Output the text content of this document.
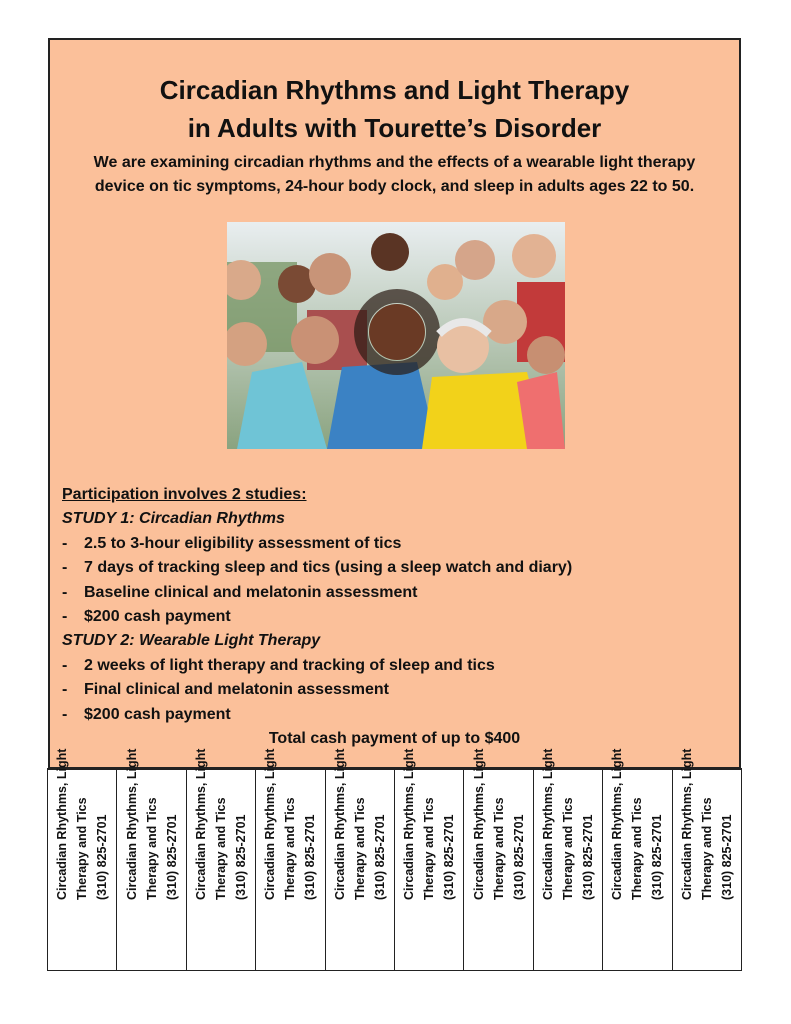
Circadian Rhythms and Light Therapy
in Adults with Tourette’s Disorder
We are examining circadian rhythms and the effects of a wearable light therapy
device on tic symptoms, 24-hour body clock, and sleep in adults ages 22 to 50.
Participation involves 2 studies:
STUDY 1: Circadian Rhythms
- 2.5 to 3-hour eligibility assessment of tics
- 7 days of tracking sleep and tics (using a sleep watch and diary)
- Baseline clinical and melatonin assessment
- $200 cash payment
STUDY 2: Wearable Light Therapy
- 2 weeks of light therapy and tracking of sleep and tics
- Final clinical and melatonin assessment
- $200 cash payment
Total cash payment of up to $400
Circadian Rhythms, Light Therapy and Tics (310) 825-2701 Circadian Rhythms, Light Therapy and Tics (310) 825-2701 Circadian Rhythms, Light Therapy and Tics (310) 825-2701 Circadian Rhythms, Light Therapy and Tics (310) 825-2701 Circadian Rhythms, Light Therapy and Tics (310) 825-2701 Circadian Rhythms, Light Therapy and Tics (310) 825-2701 Circadian Rhythms, Light Therapy and Tics (310) 825-2701 Circadian Rhythms, Light Therapy and Tics (310) 825-2701 Circadian Rhythms, Light Therapy and Tics (310) 825-2701 Circadian Rhythms, Light Therapy and Tics (310) 825-2701
